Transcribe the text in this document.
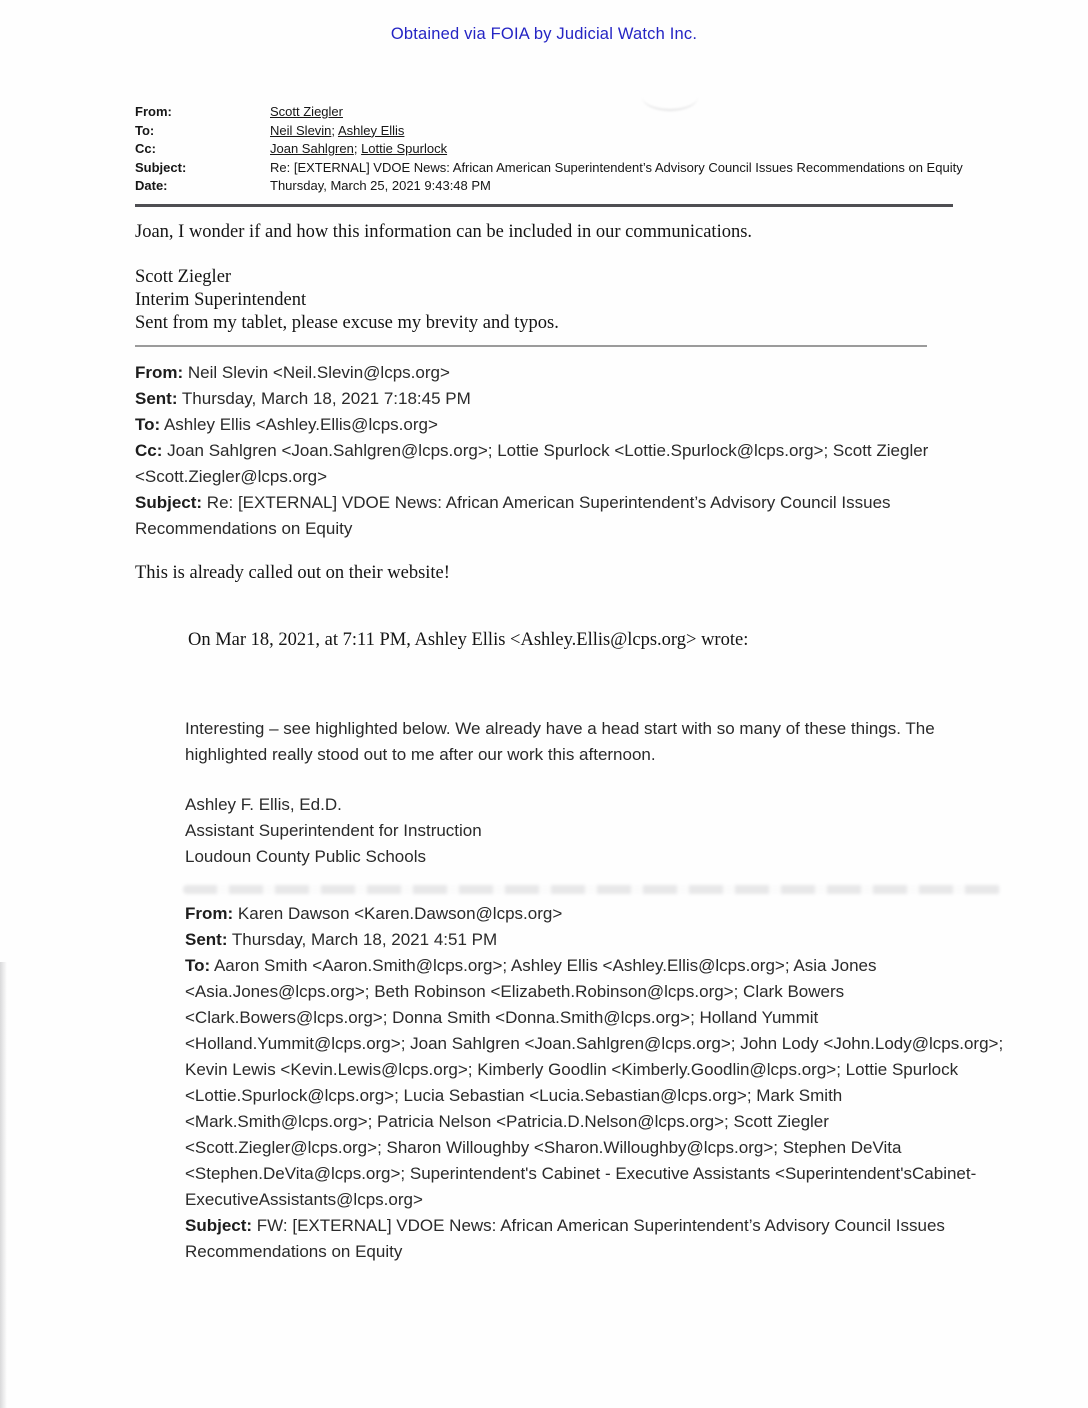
Obtained via FOIA by Judicial Watch Inc.
From:	Scott Ziegler
To:	Neil Slevin; Ashley Ellis
Cc:	Joan Sahlgren; Lottie Spurlock
Subject:	Re: [EXTERNAL] VDOE News: African American Superintendent’s Advisory Council Issues Recommendations on Equity
Date:	Thursday, March 25, 2021 9:43:48 PM

Joan, I wonder if and how this information can be included in our communications.

Scott Ziegler

Interim Superintendent

Sent from my tablet, please excuse my brevity and typos.

From: Neil Slevin <Neil.Slevin@lcps.org>

Sent: Thursday, March 18, 2021 7:18:45 PM

To: Ashley Ellis <Ashley.Ellis@lcps.org>

Cc: Joan Sahlgren <Joan.Sahlgren@lcps.org>; Lottie Spurlock <Lottie.Spurlock@lcps.org>; Scott Ziegler <Scott.Ziegler@lcps.org>

Subject: Re: [EXTERNAL] VDOE News: African American Superintendent’s Advisory Council Issues Recommendations on Equity

This is already called out on their website!

On Mar 18, 2021, at 7:11 PM, Ashley Ellis <Ashley.Ellis@lcps.org> wrote:

Interesting – see highlighted below. We already have a head start with so many of these things. The highlighted really stood out to me after our work this afternoon.

Ashley F. Ellis, Ed.D.

Assistant Superintendent for Instruction

Loudoun County Public Schools

From: Karen Dawson <Karen.Dawson@lcps.org>

Sent: Thursday, March 18, 2021 4:51 PM

To: Aaron Smith <Aaron.Smith@lcps.org>; Ashley Ellis <Ashley.Ellis@lcps.org>; Asia Jones <Asia.Jones@lcps.org>; Beth Robinson <Elizabeth.Robinson@lcps.org>; Clark Bowers <Clark.Bowers@lcps.org>; Donna Smith <Donna.Smith@lcps.org>; Holland Yummit <Holland.Yummit@lcps.org>; Joan Sahlgren <Joan.Sahlgren@lcps.org>; John Lody <John.Lody@lcps.org>; Kevin Lewis <Kevin.Lewis@lcps.org>; Kimberly Goodlin <Kimberly.Goodlin@lcps.org>; Lottie Spurlock <Lottie.Spurlock@lcps.org>; Lucia Sebastian <Lucia.Sebastian@lcps.org>; Mark Smith <Mark.Smith@lcps.org>; Patricia Nelson <Patricia.D.Nelson@lcps.org>; Scott Ziegler <Scott.Ziegler@lcps.org>; Sharon Willoughby <Sharon.Willoughby@lcps.org>; Stephen DeVita <Stephen.DeVita@lcps.org>; Superintendent's Cabinet - Executive Assistants <Superintendent'sCabinet-ExecutiveAssistants@lcps.org>

Subject: FW: [EXTERNAL] VDOE News: African American Superintendent’s Advisory Council Issues Recommendations on Equity
